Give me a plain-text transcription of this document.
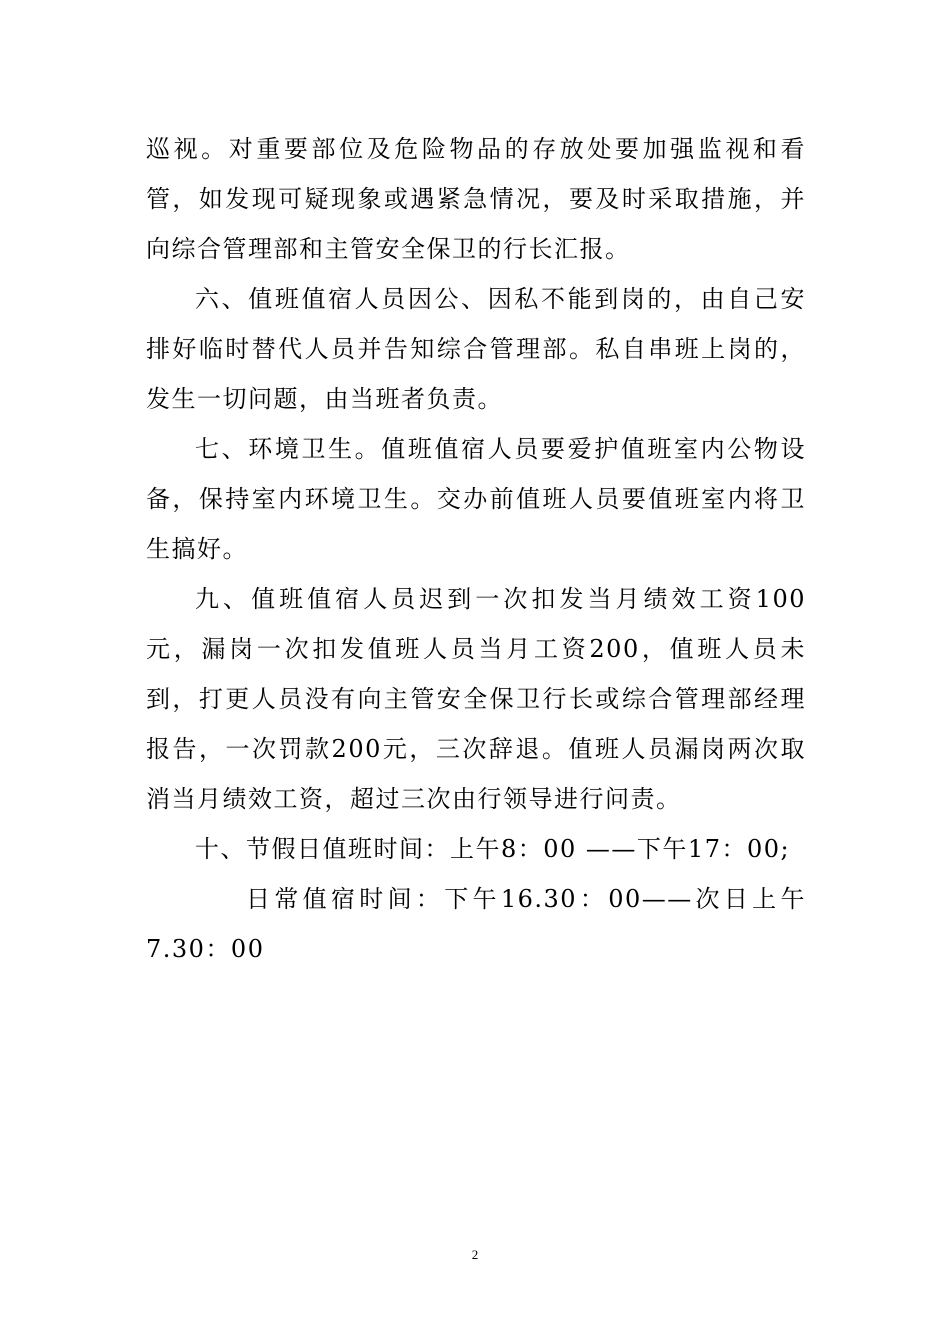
巡视。对重要部位及危险物品的存放处要加强监视和看管，如发现可疑现象或遇紧急情况，要及时采取措施，并向综合管理部和主管安全保卫的行长汇报。

六、值班值宿人员因公、因私不能到岗的，由自己安排好临时替代人员并告知综合管理部。私自串班上岗的，发生一切问题，由当班者负责。

七、环境卫生。值班值宿人员要爱护值班室内公物设备，保持室内环境卫生。交办前值班人员要值班室内将卫生搞好。

九、值班值宿人员迟到一次扣发当月绩效工资100元，漏岗一次扣发值班人员当月工资200，值班人员未到，打更人员没有向主管安全保卫行长或综合管理部经理报告，一次罚款200元，三次辞退。值班人员漏岗两次取消当月绩效工资，超过三次由行领导进行问责。

十、节假日值班时间：上午8：00 ——下午17：00;

日常值宿时间：下午16.30：00——次日上午7.30：00

2
